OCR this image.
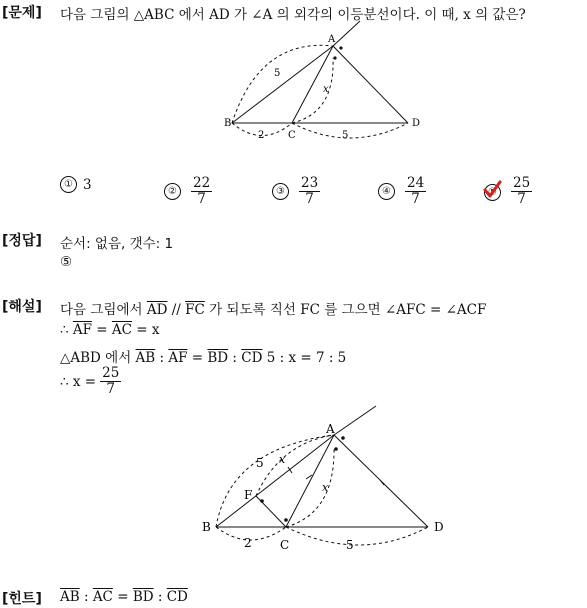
[문제] 다음 그림의 △ABC 에서 AD 가 ∠A 의 외각의 이등분선이다. 이 때, x 의 값은?
A
B
C
D
5
2	5
x
① 3	② $\frac{22}{7}$	③ $\frac{23}{7}$	④ $\frac{24}{7}$	⑤ $\frac{25}{7}$
[정답] 순서: 없음, 갯수: 1
⑤
[해설] 다음 그림에서 $\overline{AD} // \overline{FC}$ 가 되도록 직선 FC 를 그으면 ∠AFC = ∠ACF
∴ $\overline{AF} = \overline{AC} = x$
△ABD 에서 $\overline{AB}$ : $\overline{AF} = \overline{BD}$ : $\overline{CD}$ 5 : x = 7 : 5
∴ $x = \frac{25}{7}$
A
B
C
D
F
5
2	5
x
x
[힌트] $\overline{AB}$ : $\overline{AC} = \overline{BD}$ : $\overline{CD}$
